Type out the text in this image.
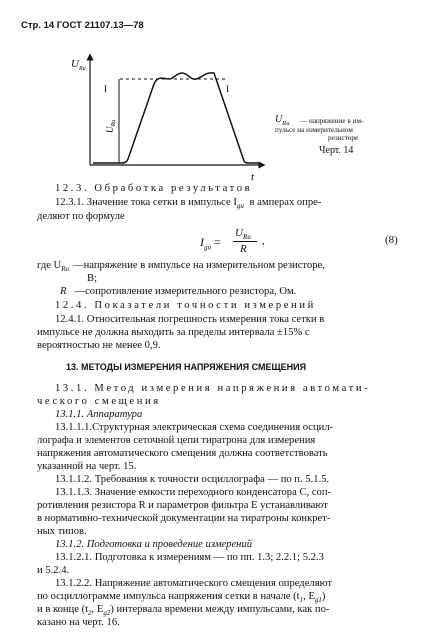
Стр. 14 ГОСТ 21107.13—78
$U_{Rи}$
t
$U_{Rи}$
I	I
$U_{Rи}$ — напряжение в им-
пульсе на измерительном
резисторе
Черт. 14
12.3. Обработка результатов
12.3.1. Значение тока сетки в импульсе $I_{gи}$ в амперах опре-
деляют по формуле
$I_{gи}$ =
$U_{Rи}$
R
,	(8)
где $U_{Rи}$ —напряжение в импульсе на измерительном резисторе,
В;
R —сопротивление измерительного резистора, Ом.
12.4. Показатели точности измерений
12.4.1. Относительная погрешность измерения тока сетки в
импульсе не должна выходить за пределы интервала ±15% с
вероятностью не менее 0,9.
13. МЕТОДЫ ИЗМЕРЕНИЯ НАПРЯЖЕНИЯ СМЕЩЕНИЯ
13.1. Метод измерения напряжения автомати-
ческого смещения
13.1.1. Аппаратура
13.1.1.1.Структурная электрическая схема соединения осцил-
лографа и элементов сеточной цепи тиратрона для измерения
напряжения автоматического смещения должна соответствовать
указанной на черт. 15.
13.1.1.2. Требования к точности осциллографа — по п. 5.1.5.
13.1.1.3. Значение емкости переходного конденсатора C, соп-
ротивления резистора R и параметров фильтра E устанавливают
в нормативно-технической документации на тиратроны конкрет-
ных типов.
13.1.2. Подготовка и проведение измерений
13.1.2.1. Подготовка к измерениям — по пп. 1.3; 2.2.1; 5.2.3
и 5.2.4.
13.1.2.2. Напряжение автоматического смещения определяют
по осциллограмме импульса напряжения сетки в начале ($t_1$, $E_{g1}$)
и в конце ($t_2$, $E_{g2}$) интервала времени между импульсами, как по-
казано на черт. 16.
